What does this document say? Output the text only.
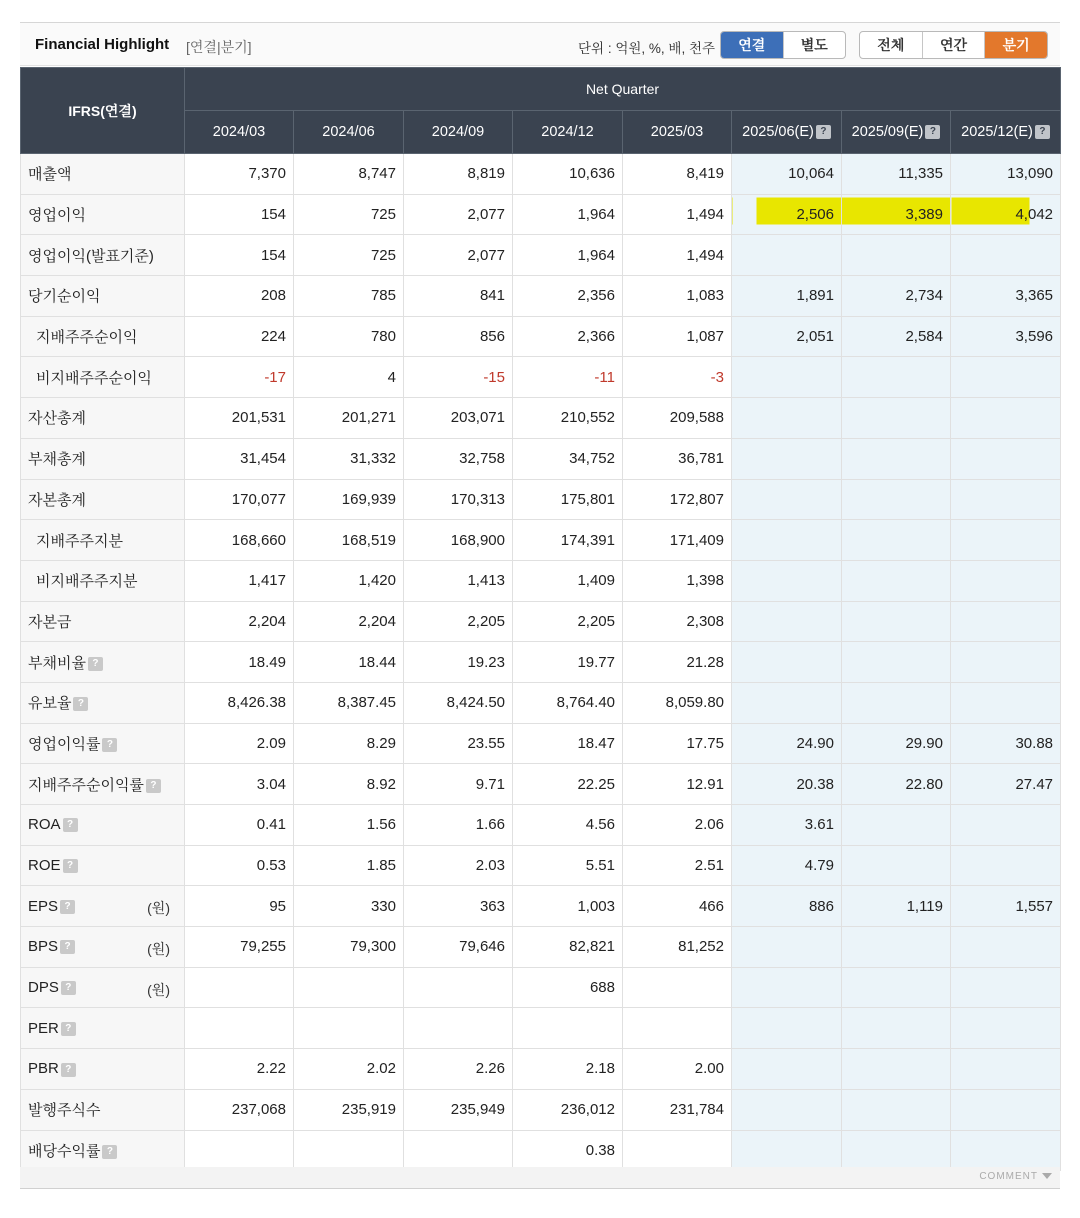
Financial Highlight [연결|분기]	단위 : 억원, %, 배, 천주	연결	별도	전체	연간	분기
IFRS(연결)	Net Quarter							
	2024/03	2024/06	2024/09	2024/12	2025/03	2025/06(E) ?	2025/09(E) ?	2025/12(E) ?
매출액	7,370	8,747	8,819	10,636	8,419	10,064	11,335	13,090
영업이익	154	725	2,077	1,964	1,494	2,506	3,389	4,042
영업이익(발표기준)	154	725	2,077	1,964	1,494			
당기순이익	208	785	841	2,356	1,083	1,891	2,734	3,365
지배주주순이익	224	780	856	2,366	1,087	2,051	2,584	3,596
비지배주주순이익	-17	4	-15	-11	-3			
자산총계	201,531	201,271	203,071	210,552	209,588			
부채총계	31,454	31,332	32,758	34,752	36,781			
자본총계	170,077	169,939	170,313	175,801	172,807			
지배주주지분	168,660	168,519	168,900	174,391	171,409			
비지배주주지분	1,417	1,420	1,413	1,409	1,398			
자본금	2,204	2,204	2,205	2,205	2,308			
부채비율 ?	18.49	18.44	19.23	19.77	21.28			
유보율 ?	8,426.38	8,387.45	8,424.50	8,764.40	8,059.80			
영업이익률 ?	2.09	8.29	23.55	18.47	17.75	24.90	29.90	30.88
지배주주순이익률 ?	3.04	8.92	9.71	22.25	12.91	20.38	22.80	27.47
ROA ?	0.41	1.56	1.66	4.56	2.06	3.61		
ROE ?	0.53	1.85	2.03	5.51	2.51	4.79		
EPS ? (원)	95	330	363	1,003	466	886	1,119	1,557
BPS ? (원)	79,255	79,300	79,646	82,821	81,252			
DPS ? (원)				688				
PER ?								
PBR ?	2.22	2.02	2.26	2.18	2.00			
발행주식수	237,068	235,919	235,949	236,012	231,784			
배당수익률 ?				0.38				
COMMENT
